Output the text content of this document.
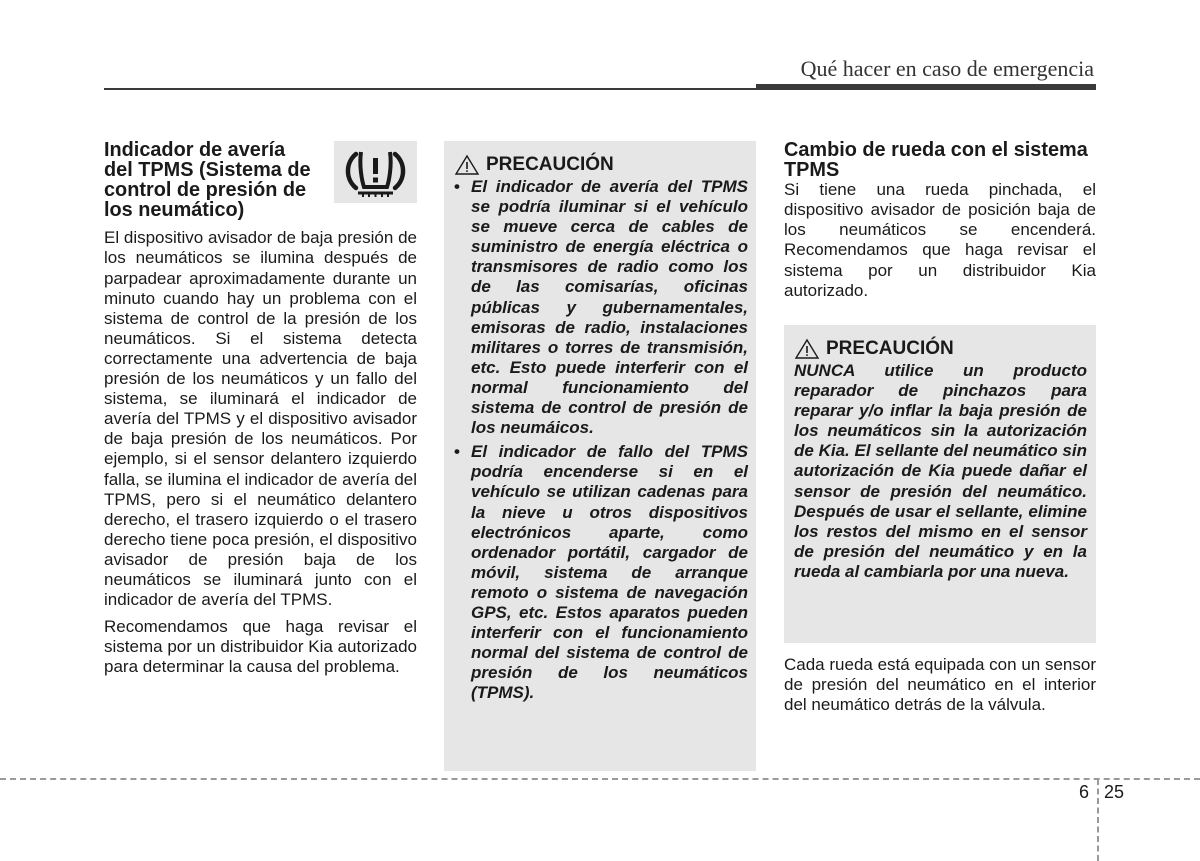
Qué hacer en caso de emergencia
Indicador de avería del TPMS (Sistema de control de presión de los neumático)

El dispositivo avisador de baja presión de los neumáticos se ilumina después de parpadear aproximadamente durante un minuto cuando hay un problema con el sistema de control de la presión de los neumáticos. Si el sistema detecta correctamente una advertencia de baja presión de los neumáticos y un fallo del sistema, se iluminará el indicador de avería del TPMS y el dispositivo avisador de baja presión de los neumáticos. Por ejemplo, si el sensor delantero izquierdo falla, se ilumina el indicador de avería del TPMS, pero si el neumático delantero derecho, el trasero izquierdo o el trasero derecho tiene poca presión, el dispositivo avisador de presión baja de los neumáticos se iluminará junto con el indicador de avería del TPMS.

Recomendamos que haga revisar el sistema por un distribuidor Kia autorizado para determinar la causa del problema.

PRECAUCIÓN
• El indicador de avería del TPMS se podría iluminar si el vehículo se mueve cerca de cables de suministro de energía eléctrica o transmisores de radio como los de las comisarías, oficinas públicas y gubernamentales, emisoras de radio, instalaciones militares o torres de transmisión, etc. Esto puede interferir con el normal funcionamiento del sistema de control de presión de los neumáicos.
• El indicador de fallo del TPMS podría encenderse si en el vehículo se utilizan cadenas para la nieve u otros dispositivos electrónicos aparte, como ordenador portátil, cargador de móvil, sistema de arranque remoto o sistema de navegación GPS, etc. Estos aparatos pueden interferir con el funcionamiento normal del sistema de control de presión de los neumáticos (TPMS).
Cambio de rueda con el sistema TPMS

Si tiene una rueda pinchada, el dispositivo avisador de posición baja de los neumáticos se encenderá. Recomendamos que haga revisar el sistema por un distribuidor Kia autorizado.

PRECAUCIÓN

NUNCA utilice un producto reparador de pinchazos para reparar y/o inflar la baja presión de los neumáticos sin la autorización de Kia. El sellante del neumático sin autorización de Kia puede dañar el sensor de presión del neumático. Después de usar el sellante, elimine los restos del mismo en el sensor de presión del neumático y en la rueda al cambiarla por una nueva.

Cada rueda está equipada con un sensor de presión del neumático en el interior del neumático detrás de la válvula.

6 25
